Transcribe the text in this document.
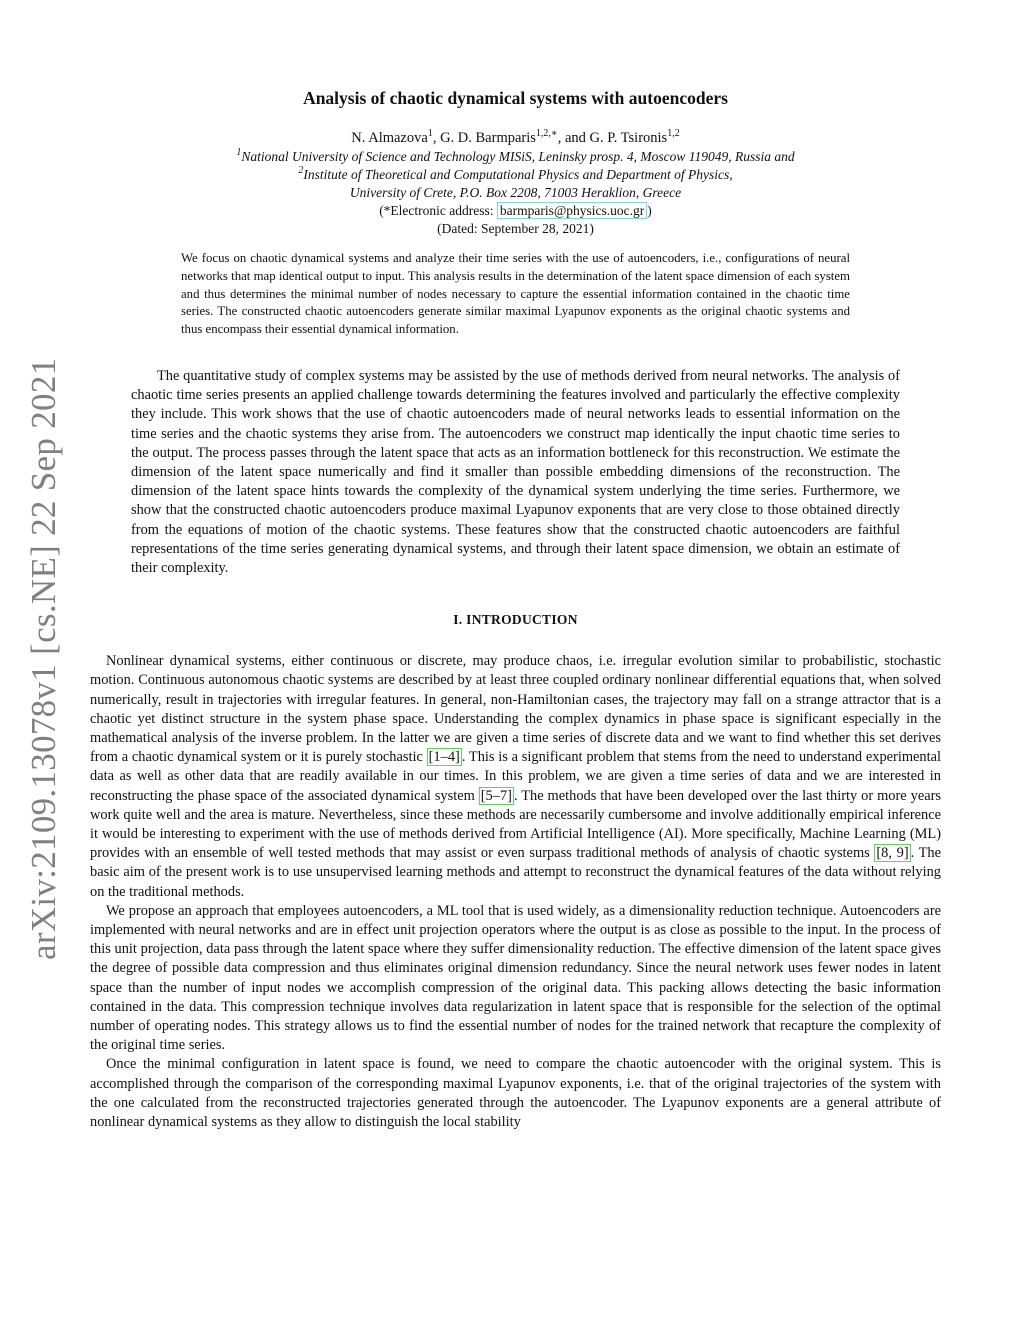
arXiv:2109.13078v1 [cs.NE] 22 Sep 2021
Analysis of chaotic dynamical systems with autoencoders
N. Almazova$^1$, G. D. Barmparis$^{1,2,∗}$, and G. P. Tsironis$^{1,2}$
$^1$National University of Science and Technology MISiS, Leninsky prosp. 4, Moscow 119049, Russia and
$^2$Institute of Theoretical and Computational Physics and Department of Physics,
University of Crete, P.O. Box 2208, 71003 Heraklion, Greece
(*Electronic address: barmparis@physics.uoc.gr )
(Dated: September 28, 2021)
We focus on chaotic dynamical systems and analyze their time series with the use of autoencoders, i.e., configurations of neural networks that map identical output to input. This analysis results in the determination of the latent space dimension of each system and thus determines the minimal number of nodes necessary to capture the essential information contained in the chaotic time series. The constructed chaotic autoencoders generate similar maximal Lyapunov exponents as the original chaotic systems and thus encompass their essential dynamical information.
The quantitative study of complex systems may be assisted by the use of methods derived from neural networks. The analysis of chaotic time series presents an applied challenge towards determining the features involved and particularly the effective complexity they include. This work shows that the use of chaotic autoencoders made of neural networks leads to essential information on the time series and the chaotic systems they arise from. The autoencoders we construct map identically the input chaotic time series to the output. The process passes through the latent space that acts as an information bottleneck for this reconstruction. We estimate the dimension of the latent space numerically and find it smaller than possible embedding dimensions of the reconstruction. The dimension of the latent space hints towards the complexity of the dynamical system underlying the time series. Furthermore, we show that the constructed chaotic autoencoders produce maximal Lyapunov exponents that are very close to those obtained directly from the equations of motion of the chaotic systems. These features show that the constructed chaotic autoencoders are faithful representations of the time series generating dynamical systems, and through their latent space dimension, we obtain an estimate of their complexity.
I. INTRODUCTION

Nonlinear dynamical systems, either continuous or discrete, may produce chaos, i.e. irregular evolution similar to probabilistic, stochastic motion. Continuous autonomous chaotic systems are described by at least three coupled ordinary nonlinear differential equations that, when solved numerically, result in trajectories with irregular features. In general, non-Hamiltonian cases, the trajectory may fall on a strange attractor that is a chaotic yet distinct structure in the system phase space. Understanding the complex dynamics in phase space is significant especially in the mathematical analysis of the inverse problem. In the latter we are given a time series of discrete data and we want to find whether this set derives from a chaotic dynamical system or it is purely stochastic [1–4] . This is a significant problem that stems from the need to understand experimental data as well as other data that are readily available in our times. In this problem, we are given a time series of data and we are interested in reconstructing the phase space of the associated dynamical system [5–7] . The methods that have been developed over the last thirty or more years work quite well and the area is mature. Nevertheless, since these methods are necessarily cumbersome and involve additionally empirical inference it would be interesting to experiment with the use of methods derived from Artificial Intelligence (AI). More specifically, Machine Learning (ML) provides with an ensemble of well tested methods that may assist or even surpass traditional methods of analysis of chaotic systems [8, 9] . The basic aim of the present work is to use unsupervised learning methods and attempt to reconstruct the dynamical features of the data without relying on the traditional methods.

We propose an approach that employees autoencoders, a ML tool that is used widely, as a dimensionality reduction technique. Autoencoders are implemented with neural networks and are in effect unit projection operators where the output is as close as possible to the input. In the process of this unit projection, data pass through the latent space where they suffer dimensionality reduction. The effective dimension of the latent space gives the degree of possible data compression and thus eliminates original dimension redundancy. Since the neural network uses fewer nodes in latent space than the number of input nodes we accomplish compression of the original data. This packing allows detecting the basic information contained in the data. This compression technique involves data regularization in latent space that is responsible for the selection of the optimal number of operating nodes. This strategy allows us to find the essential number of nodes for the trained network that recapture the complexity of the original time series.

Once the minimal configuration in latent space is found, we need to compare the chaotic autoencoder with the original system. This is accomplished through the comparison of the corresponding maximal Lyapunov exponents, i.e. that of the original trajectories of the system with the one calculated from the reconstructed trajectories generated through the autoencoder. The Lyapunov exponents are a general attribute of nonlinear dynamical systems as they allow to distinguish the local stability
